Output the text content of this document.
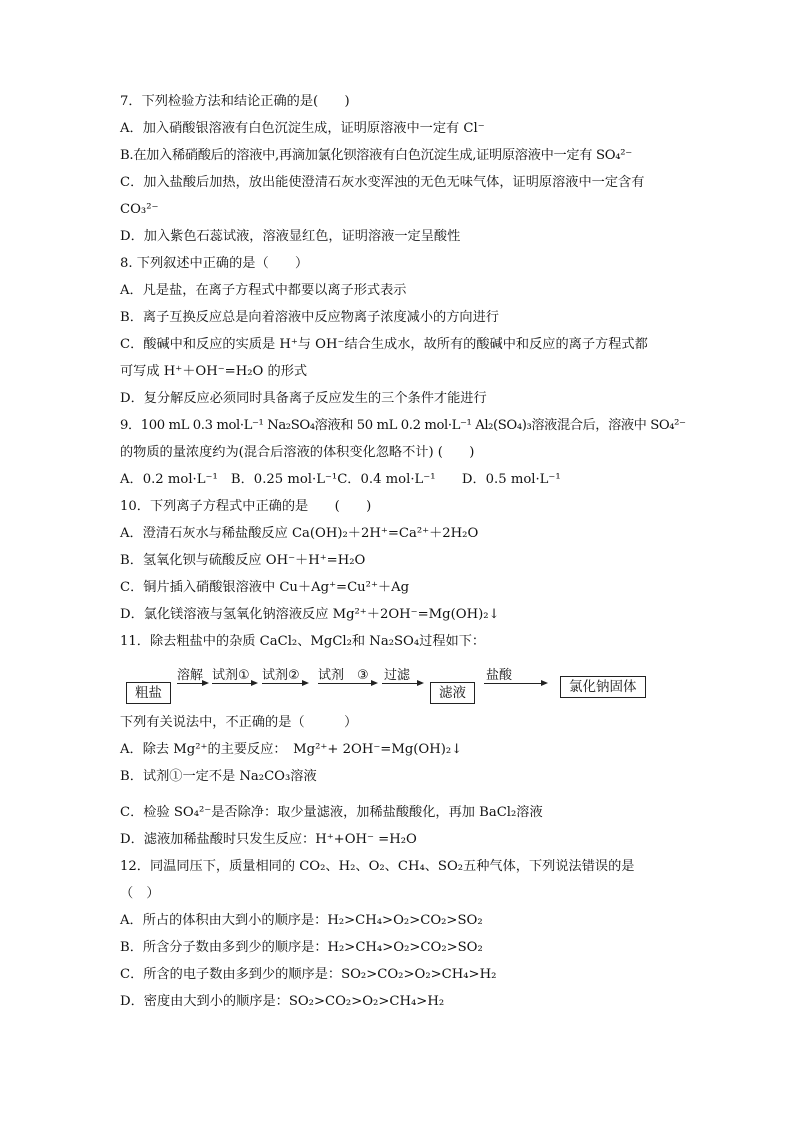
7．下列检验方法和结论正确的是(　　)
A．加入硝酸银溶液有白色沉淀生成，证明原溶液中一定有 Cl⁻
B.在加入稀硝酸后的溶液中,再滴加氯化钡溶液有白色沉淀生成,证明原溶液中一定有 SO₄²⁻
C．加入盐酸后加热，放出能使澄清石灰水变浑浊的无色无味气体，证明原溶液中一定含有
CO₃²⁻
D．加入紫色石蕊试液，溶液显红色，证明溶液一定呈酸性
8. 下列叙述中正确的是（　　）
A．凡是盐，在离子方程式中都要以离子形式表示
B．离子互换反应总是向着溶液中反应物离子浓度减小的方向进行
C．酸碱中和反应的实质是 H⁺与 OH⁻结合生成水，故所有的酸碱中和反应的离子方程式都
可写成 H⁺＋OH⁻=H₂O 的形式
D．复分解反应必须同时具备离子反应发生的三个条件才能进行
9．100 mL 0.3 mol·L⁻¹ Na₂SO₄溶液和 50 mL 0.2 mol·L⁻¹ Al₂(SO₄)₃溶液混合后，溶液中 SO₄²⁻
的物质的量浓度约为(混合后溶液的体积变化忽略不计) (　　)
A．0.2 mol·L⁻¹　B．0.25 mol·L⁻¹C．0.4 mol·L⁻¹　　D．0.5 mol·L⁻¹
10．下列离子方程式中正确的是　　(　　)
A．澄清石灰水与稀盐酸反应 Ca(OH)₂＋2H⁺=Ca²⁺＋2H₂O
B．氢氧化钡与硫酸反应 OH⁻＋H⁺=H₂O
C．铜片插入硝酸银溶液中 Cu＋Ag⁺=Cu²⁺＋Ag
D．氯化镁溶液与氢氧化钠溶液反应 Mg²⁺＋2OH⁻=Mg(OH)₂↓
11．除去粗盐中的杂质 CaCl₂、MgCl₂和 Na₂SO₄过程如下：
粗盐
溶解 试剂① 试剂② 试剂　③ 过滤
滤液
盐酸
氯化钠固体
下列有关说法中，不正确的是（　　　）
A．除去 Mg²⁺的主要反应：　Mg²⁺+ 2OH⁻=Mg(OH)₂↓
B．试剂①一定不是 Na₂CO₃溶液
C．检验 SO₄²⁻是否除净：取少量滤液，加稀盐酸酸化，再加 BaCl₂溶液
D．滤液加稀盐酸时只发生反应：H⁺+OH⁻ =H₂O
12．同温同压下，质量相同的 CO₂、H₂、O₂、CH₄、SO₂五种气体，下列说法错误的是
（　）
A．所占的体积由大到小的顺序是：H₂>CH₄>O₂>CO₂>SO₂
B．所含分子数由多到少的顺序是：H₂>CH₄>O₂>CO₂>SO₂
C．所含的电子数由多到少的顺序是：SO₂>CO₂>O₂>CH₄>H₂
D．密度由大到小的顺序是：SO₂>CO₂>O₂>CH₄>H₂
